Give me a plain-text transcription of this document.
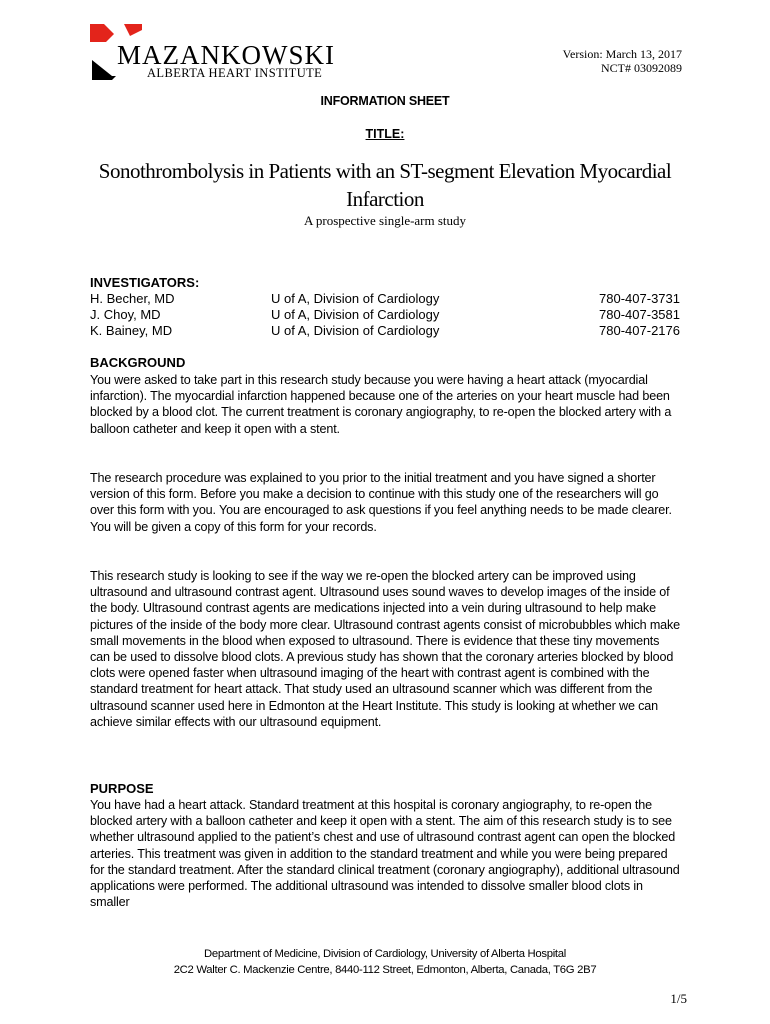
MAZANKOWSKI
ALBERTA HEART INSTITUTE
Version: March 13, 2017
NCT# 03092089
INFORMATION SHEET
TITLE:
Sonothrombolysis in Patients with an ST-segment Elevation Myocardial Infarction
A prospective single-arm study
INVESTIGATORS:
H. Becher, MD	U of A, Division of Cardiology	780-407-3731
J. Choy, MD	U of A, Division of Cardiology	780-407-3581
K. Bainey, MD	U of A, Division of Cardiology	780-407-2176
BACKGROUND

You were asked to take part in this research study because you were having a heart attack (myocardial infarction). The myocardial infarction happened because one of the arteries on your heart muscle had been blocked by a blood clot. The current treatment is coronary angiography, to re-open the blocked artery with a balloon catheter and keep it open with a stent.

The research procedure was explained to you prior to the initial treatment and you have signed a shorter version of this form. Before you make a decision to continue with this study one of the researchers will go over this form with you. You are encouraged to ask questions if you feel anything needs to be made clearer. You will be given a copy of this form for your records.

This research study is looking to see if the way we re-open the blocked artery can be improved using ultrasound and ultrasound contrast agent. Ultrasound uses sound waves to develop images of the inside of the body. Ultrasound contrast agents are medications injected into a vein during ultrasound to help make pictures of the inside of the body more clear. Ultrasound contrast agents consist of microbubbles which make small movements in the blood when exposed to ultrasound. There is evidence that these tiny movements can be used to dissolve blood clots. A previous study has shown that the coronary arteries blocked by blood clots were opened faster when ultrasound imaging of the heart with contrast agent is combined with the standard treatment for heart attack. That study used an ultrasound scanner which was different from the ultrasound scanner used here in Edmonton at the Heart Institute. This study is looking at whether we can achieve similar effects with our ultrasound equipment.

PURPOSE

You have had a heart attack. Standard treatment at this hospital is coronary angiography, to re-open the blocked artery with a balloon catheter and keep it open with a stent. The aim of this research study is to see whether ultrasound applied to the patient’s chest and use of ultrasound contrast agent can open the blocked arteries. This treatment was given in addition to the standard treatment and while you were being prepared for the standard treatment. After the standard clinical treatment (coronary angiography), additional ultrasound applications were performed. The additional ultrasound was intended to dissolve smaller blood clots in smaller

Department of Medicine, Division of Cardiology, University of Alberta Hospital
2C2 Walter C. Mackenzie Centre, 8440-112 Street, Edmonton, Alberta, Canada, T6G 2B7
1/5
